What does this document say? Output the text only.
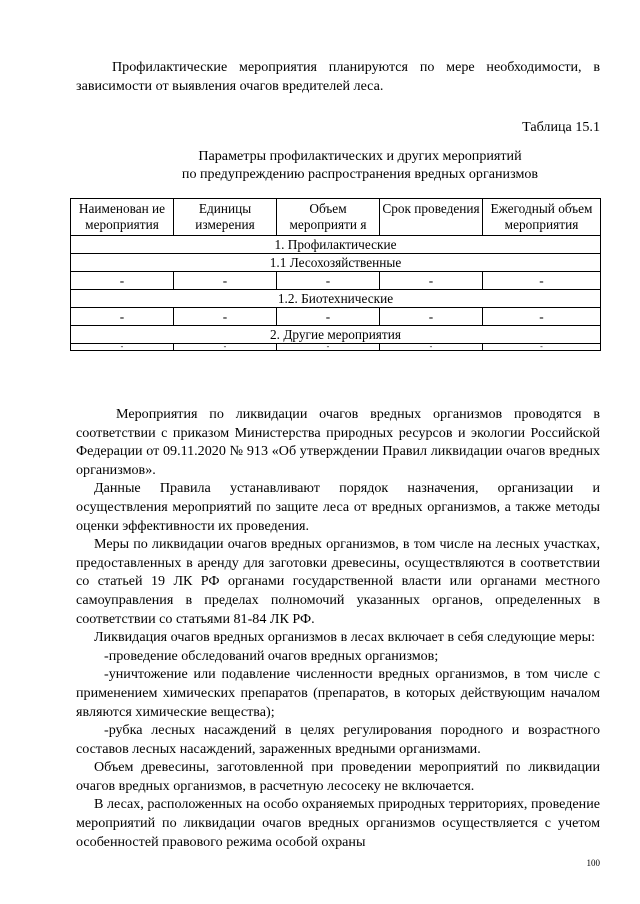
Профилактические мероприятия планируются по мере необходимости, в зависимости от выявления очагов вредителей леса.

Таблица 15.1
Параметры профилактических и других мероприятий
по предупреждению распространения вредных организмов
Наименован ие мероприятия	Единицы измерения	Объем мероприяти я	Срок проведения	Ежегодный объем мероприятия
1. Профилактические				
1.1 Лесохозяйственные				
-	-	-	-	-
1.2. Биотехнические				
-	-	-	-	-
2. Другие мероприятия				
-	-	-	-	-

Мероприятия по ликвидации очагов вредных организмов проводятся в соответствии с приказом Министерства природных ресурсов и экологии Российской Федерации от 09.11.2020 № 913 «Об утверждении Правил ликвидации очагов вредных организмов».

Данные Правила устанавливают порядок назначения, организации и осуществления мероприятий по защите леса от вредных организмов, а также методы оценки эффективности их проведения.

Меры по ликвидации очагов вредных организмов, в том числе на лесных участках, предоставленных в аренду для заготовки древесины, осуществляются в соответствии со статьей 19 ЛК РФ органами государственной власти или органами местного самоуправления в пределах полномочий указанных органов, определенных в соответствии со статьями 81-84 ЛК РФ.

Ликвидация очагов вредных организмов в лесах включает в себя следующие меры:

-проведение обследований очагов вредных организмов;

-уничтожение или подавление численности вредных организмов, в том числе с применением химических препаратов (препаратов, в которых действующим началом являются химические вещества);

-рубка лесных насаждений в целях регулирования породного и возрастного составов лесных насаждений, зараженных вредными организмами.

Объем древесины, заготовленной при проведении мероприятий по ликвидации очагов вредных организмов, в расчетную лесосеку не включается.

В лесах, расположенных на особо охраняемых природных территориях, проведение мероприятий по ликвидации очагов вредных организмов осуществляется с учетом особенностей правового режима особой охраны

100
